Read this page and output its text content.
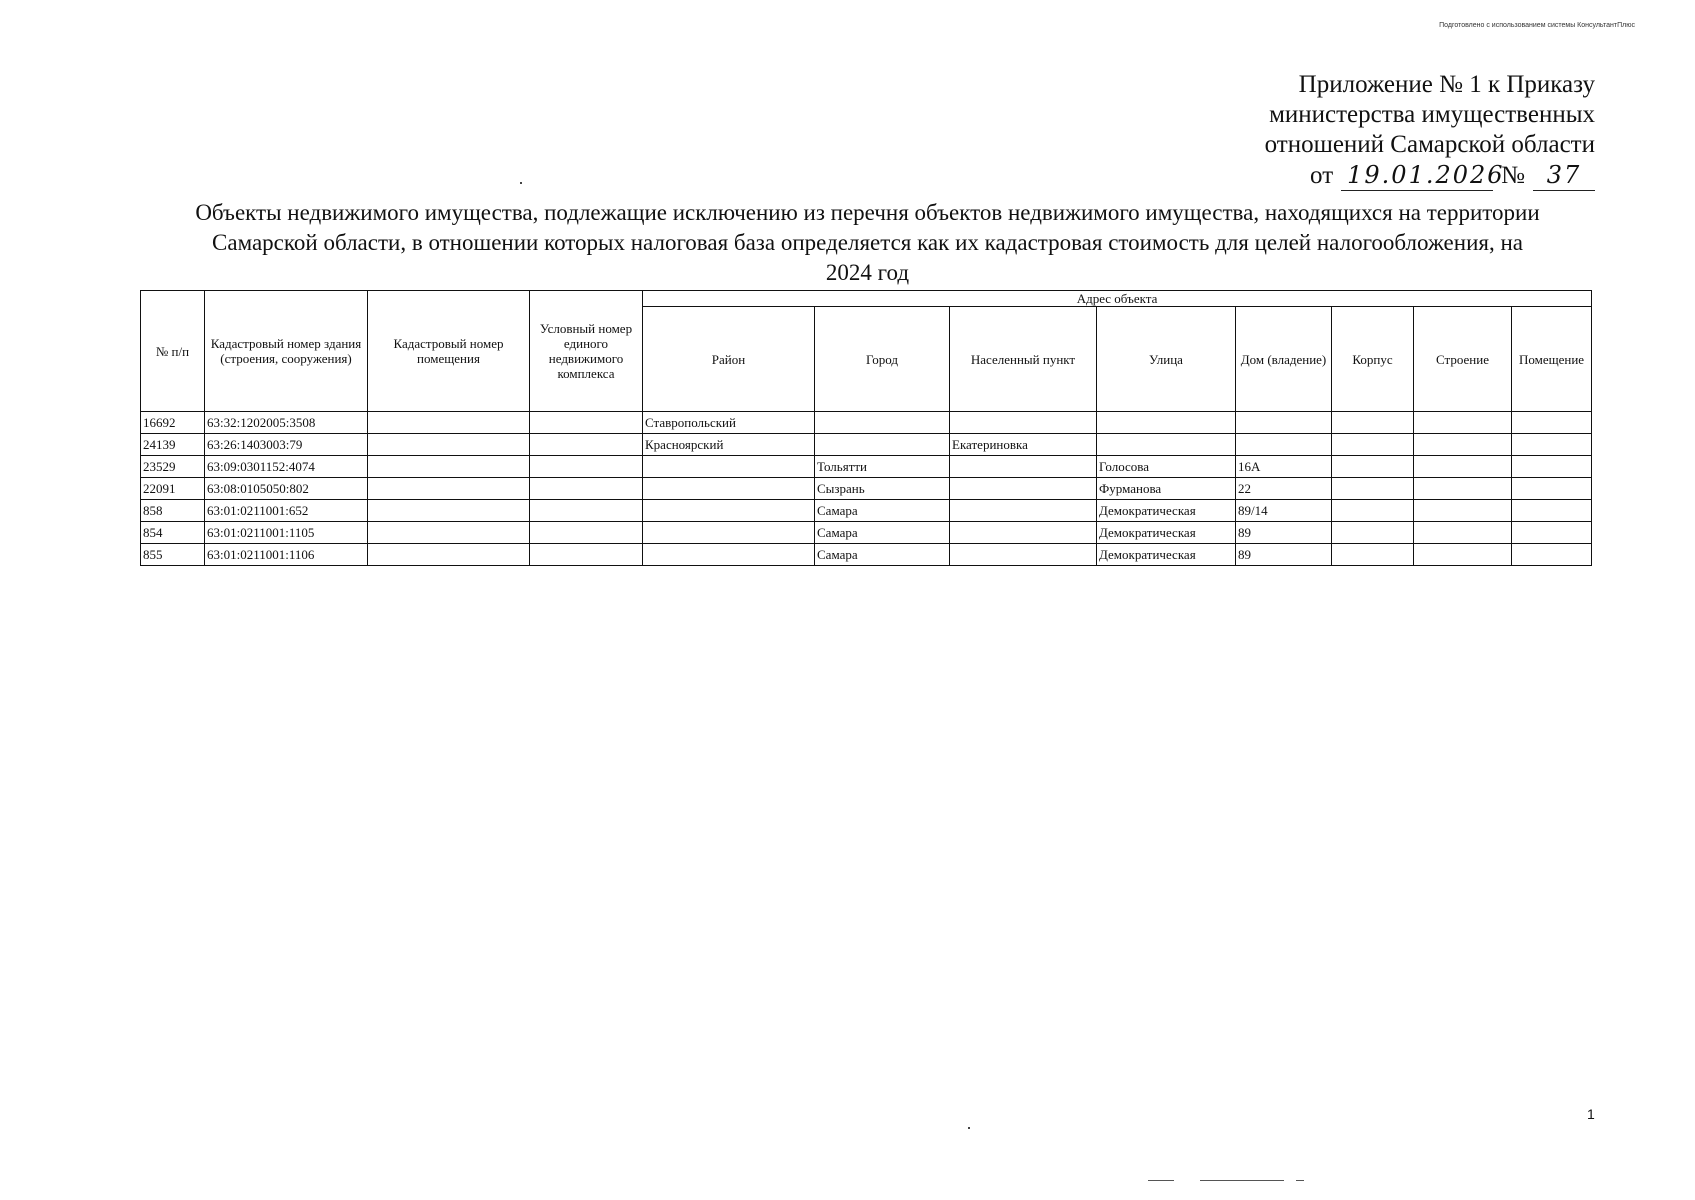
Подготовлено с использованием системы КонсультантПлюс
Приложение № 1 к Приказу
министерства имущественных
отношений Самарской области
от 19.01.2026
№ 37
Объекты недвижимого имущества, подлежащие исключению из перечня объектов недвижимого имущества, находящихся на территории Самарской области, в отношении которых налоговая база определяется как их кадастровая стоимость для целей налогообложения, на 2024 год
№ п/п	Кадастровый номер здания (строения, сооружения)	Кадастровый номер помещения	Условный номер единого недвижимого комплекса	Адрес объекта							
				Район	Город	Населенный пункт	Улица	Дом (владение)	Корпус	Строение	Помещение
16692	63:32:1202005:3508			Ставропольский							
24139	63:26:1403003:79			Красноярский		Екатериновка					
23529	63:09:0301152:4074				Тольятти		Голосова	16А			
22091	63:08:0105050:802				Сызрань		Фурманова	22			
858	63:01:0211001:652				Самара		Демократическая	89/14			
854	63:01:0211001:1105				Самара		Демократическая	89			
855	63:01:0211001:1106				Самара		Демократическая	89			
1
